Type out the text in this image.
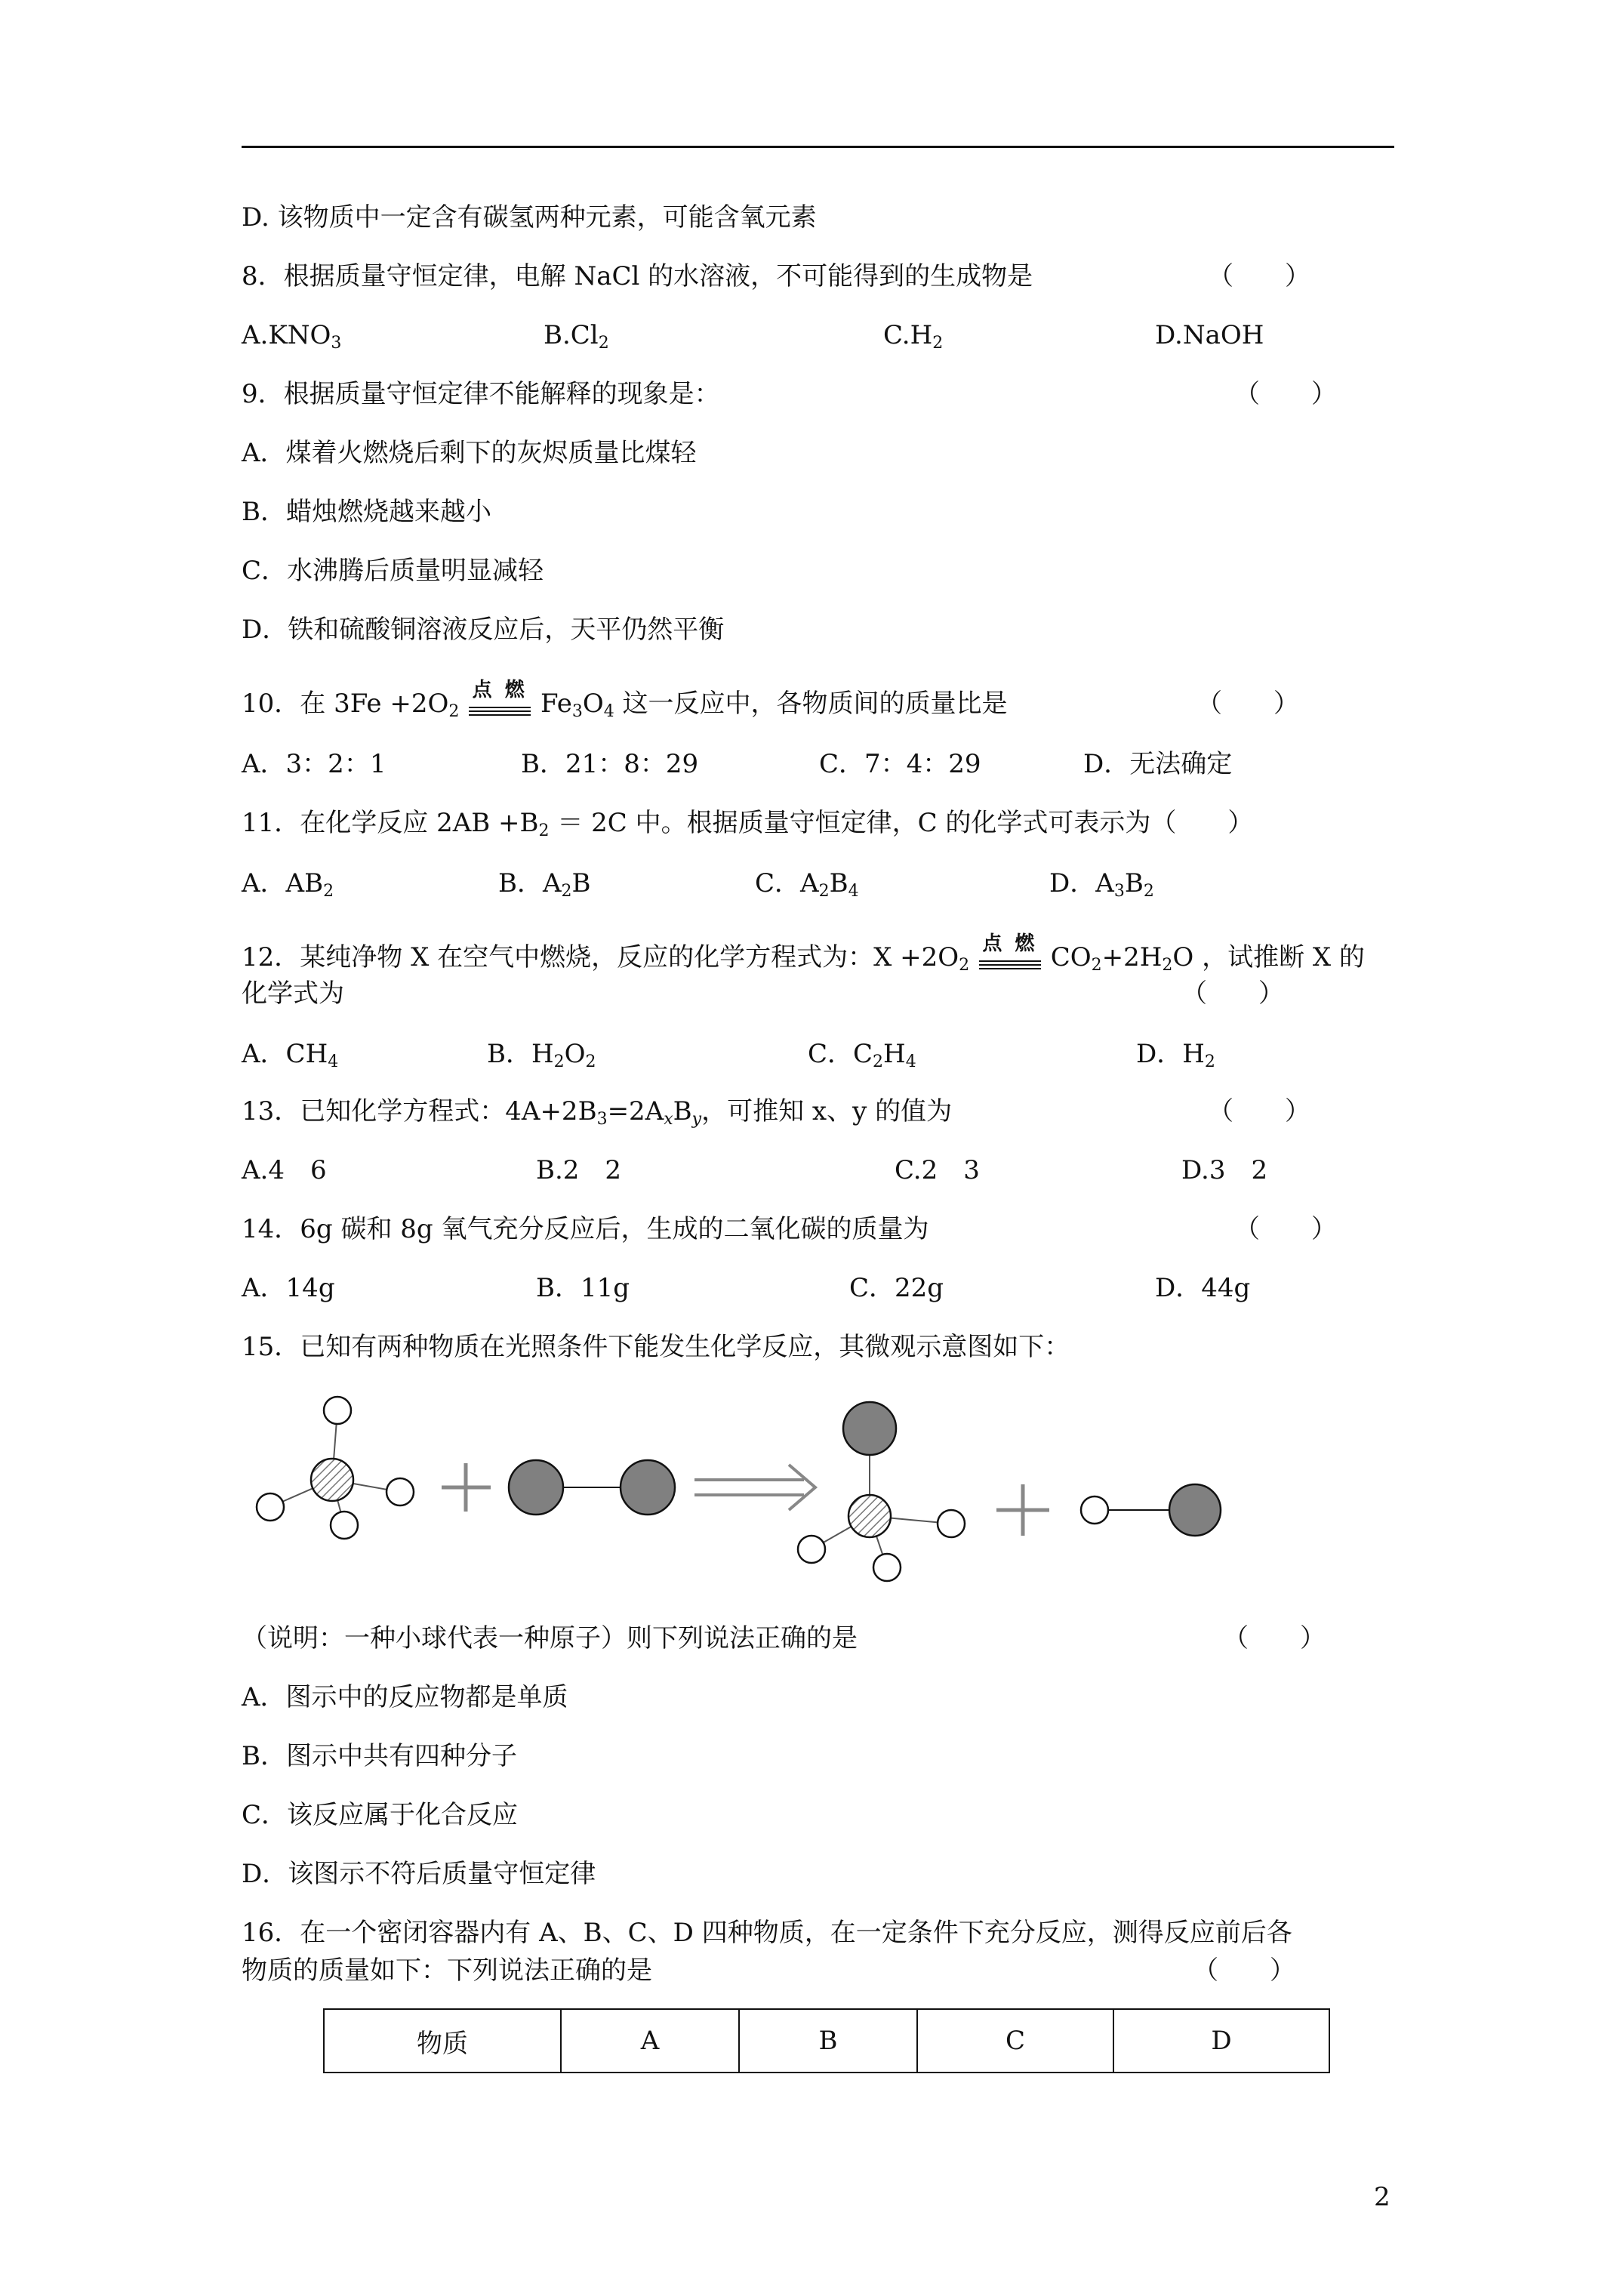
D. 该物质中一定含有碳氢两种元素，可能含氧元素
8．根据质量守恒定律，电解 NaCl 的水溶液，不可能得到的生成物是	（　　）
$A.KNO_3$	$B.Cl_2$	$C.H_2$	D.NaOH
9．根据质量守恒定律不能解释的现象是：	（　　）
A．煤着火燃烧后剩下的灰烬质量比煤轻
B．蜡烛燃烧越来越小
C．水沸腾后质量明显减轻
D．铁和硫酸铜溶液反应后，天平仍然平衡
10．在 $3Fe +2O_2$
点 燃 $Fe_3O_4$ 这一反应中，各物质间的质量比是	（　　）
A．3：2：1	B．21：8：29	C．7：4：29	D．无法确定
11．在化学反应 $2AB +B_2 = 2C$ 中。根据质量守恒定律，C 的化学式可表示为（　　）
A．$AB_2$	B．$A_2B$	C．$A_2B_4$	D．$A_3B_2$
12．某纯净物 X 在空气中燃烧，反应的化学方程式为：$X +2O_2$
点 燃 $CO_2+2H_2O$ ，试推断 X 的
化学式为	（　　）
A．$CH_4$	B．$H_2O_2$	C．$C_2H_4$	D．$H_2$
13．已知化学方程式：$4A+2B_3=2A_xB_y$，可推知 x、y 的值为	（　　）
A.4　6	B.2　2	C.2　3	D.3　2
14．6g 碳和 8g 氧气充分反应后，生成的二氧化碳的质量为	（　　）
A．14g	B．11g	C．22g	D．44g
15．已知有两种物质在光照条件下能发生化学反应，其微观示意图如下：
（说明：一种小球代表一种原子）则下列说法正确的是	（　　）
A．图示中的反应物都是单质
B．图示中共有四种分子
C．该反应属于化合反应
D．该图示不符后质量守恒定律
16．在一个密闭容器内有 A、B、C、D 四种物质，在一定条件下充分反应，测得反应前后各
物质的质量如下：下列说法正确的是	（　　）
物质	A	B	C	D
2
